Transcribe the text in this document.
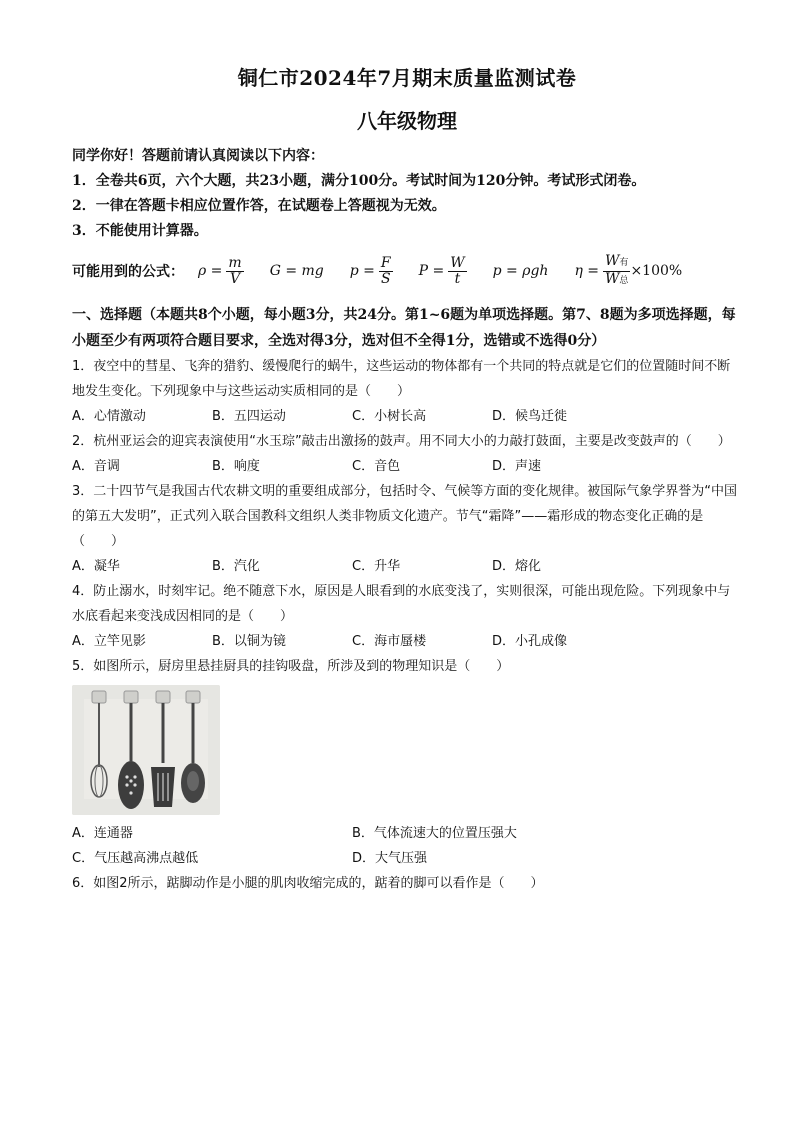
铜仁市2024年7月期末质量监测试卷
八年级物理
同学你好！答题前请认真阅读以下内容：
1．全卷共6页，六个大题，共23小题，满分100分。考试时间为120分钟。考试形式闭卷。
2．一律在答题卡相应位置作答，在试题卷上答题视为无效。
3．不能使用计算器。
可能用到的公式： $\rho = \frac{m}{V}$ G = mg $p = \frac{F}{S}$ $P = \frac{W}{t}$ p = ρgh $\eta = \frac{\text{W有}}{\text{W总}} \times 100\%$
一、选择题（本题共8个小题，每小题3分，共24分。第1~6题为单项选择题。第7、8题为多项选择题，每小题至少有两项符合题目要求，全选对得3分，选对但不全得1分，选错或不选得0分）
1．夜空中的彗星、飞奔的猎豹、缓慢爬行的蜗牛，这些运动的物体都有一个共同的特点就是它们的位置随时间不断地发生变化。下列现象中与这些运动实质相同的是（　　）
A．心情激动	B．五四运动	C．小树长高	D．候鸟迁徙
2．杭州亚运会的迎宾表演使用“水玉琮”敲击出激扬的鼓声。用不同大小的力敲打鼓面，主要是改变鼓声的（　　）
A．音调	B．响度	C．音色	D．声速
3．二十四节气是我国古代农耕文明的重要组成部分，包括时令、气候等方面的变化规律。被国际气象学界誉为“中国的第五大发明”，正式列入联合国教科文组织人类非物质文化遗产。节气“霜降”——霜形成的物态变化正确的是（　　）
A．凝华	B．汽化	C．升华	D．熔化
4．防止溺水，时刻牢记。绝不随意下水，原因是人眼看到的水底变浅了，实则很深，可能出现危险。下列现象中与水底看起来变浅成因相同的是（　　）
A．立竿见影	B．以铜为镜	C．海市蜃楼	D．小孔成像
5．如图所示，厨房里悬挂厨具的挂钩吸盘，所涉及到的物理知识是（　　）
A．连通器	B．气体流速大的位置压强大
C．气压越高沸点越低	D．大气压强
6．如图2所示，踮脚动作是小腿的肌肉收缩完成的，踮着的脚可以看作是（　　）
